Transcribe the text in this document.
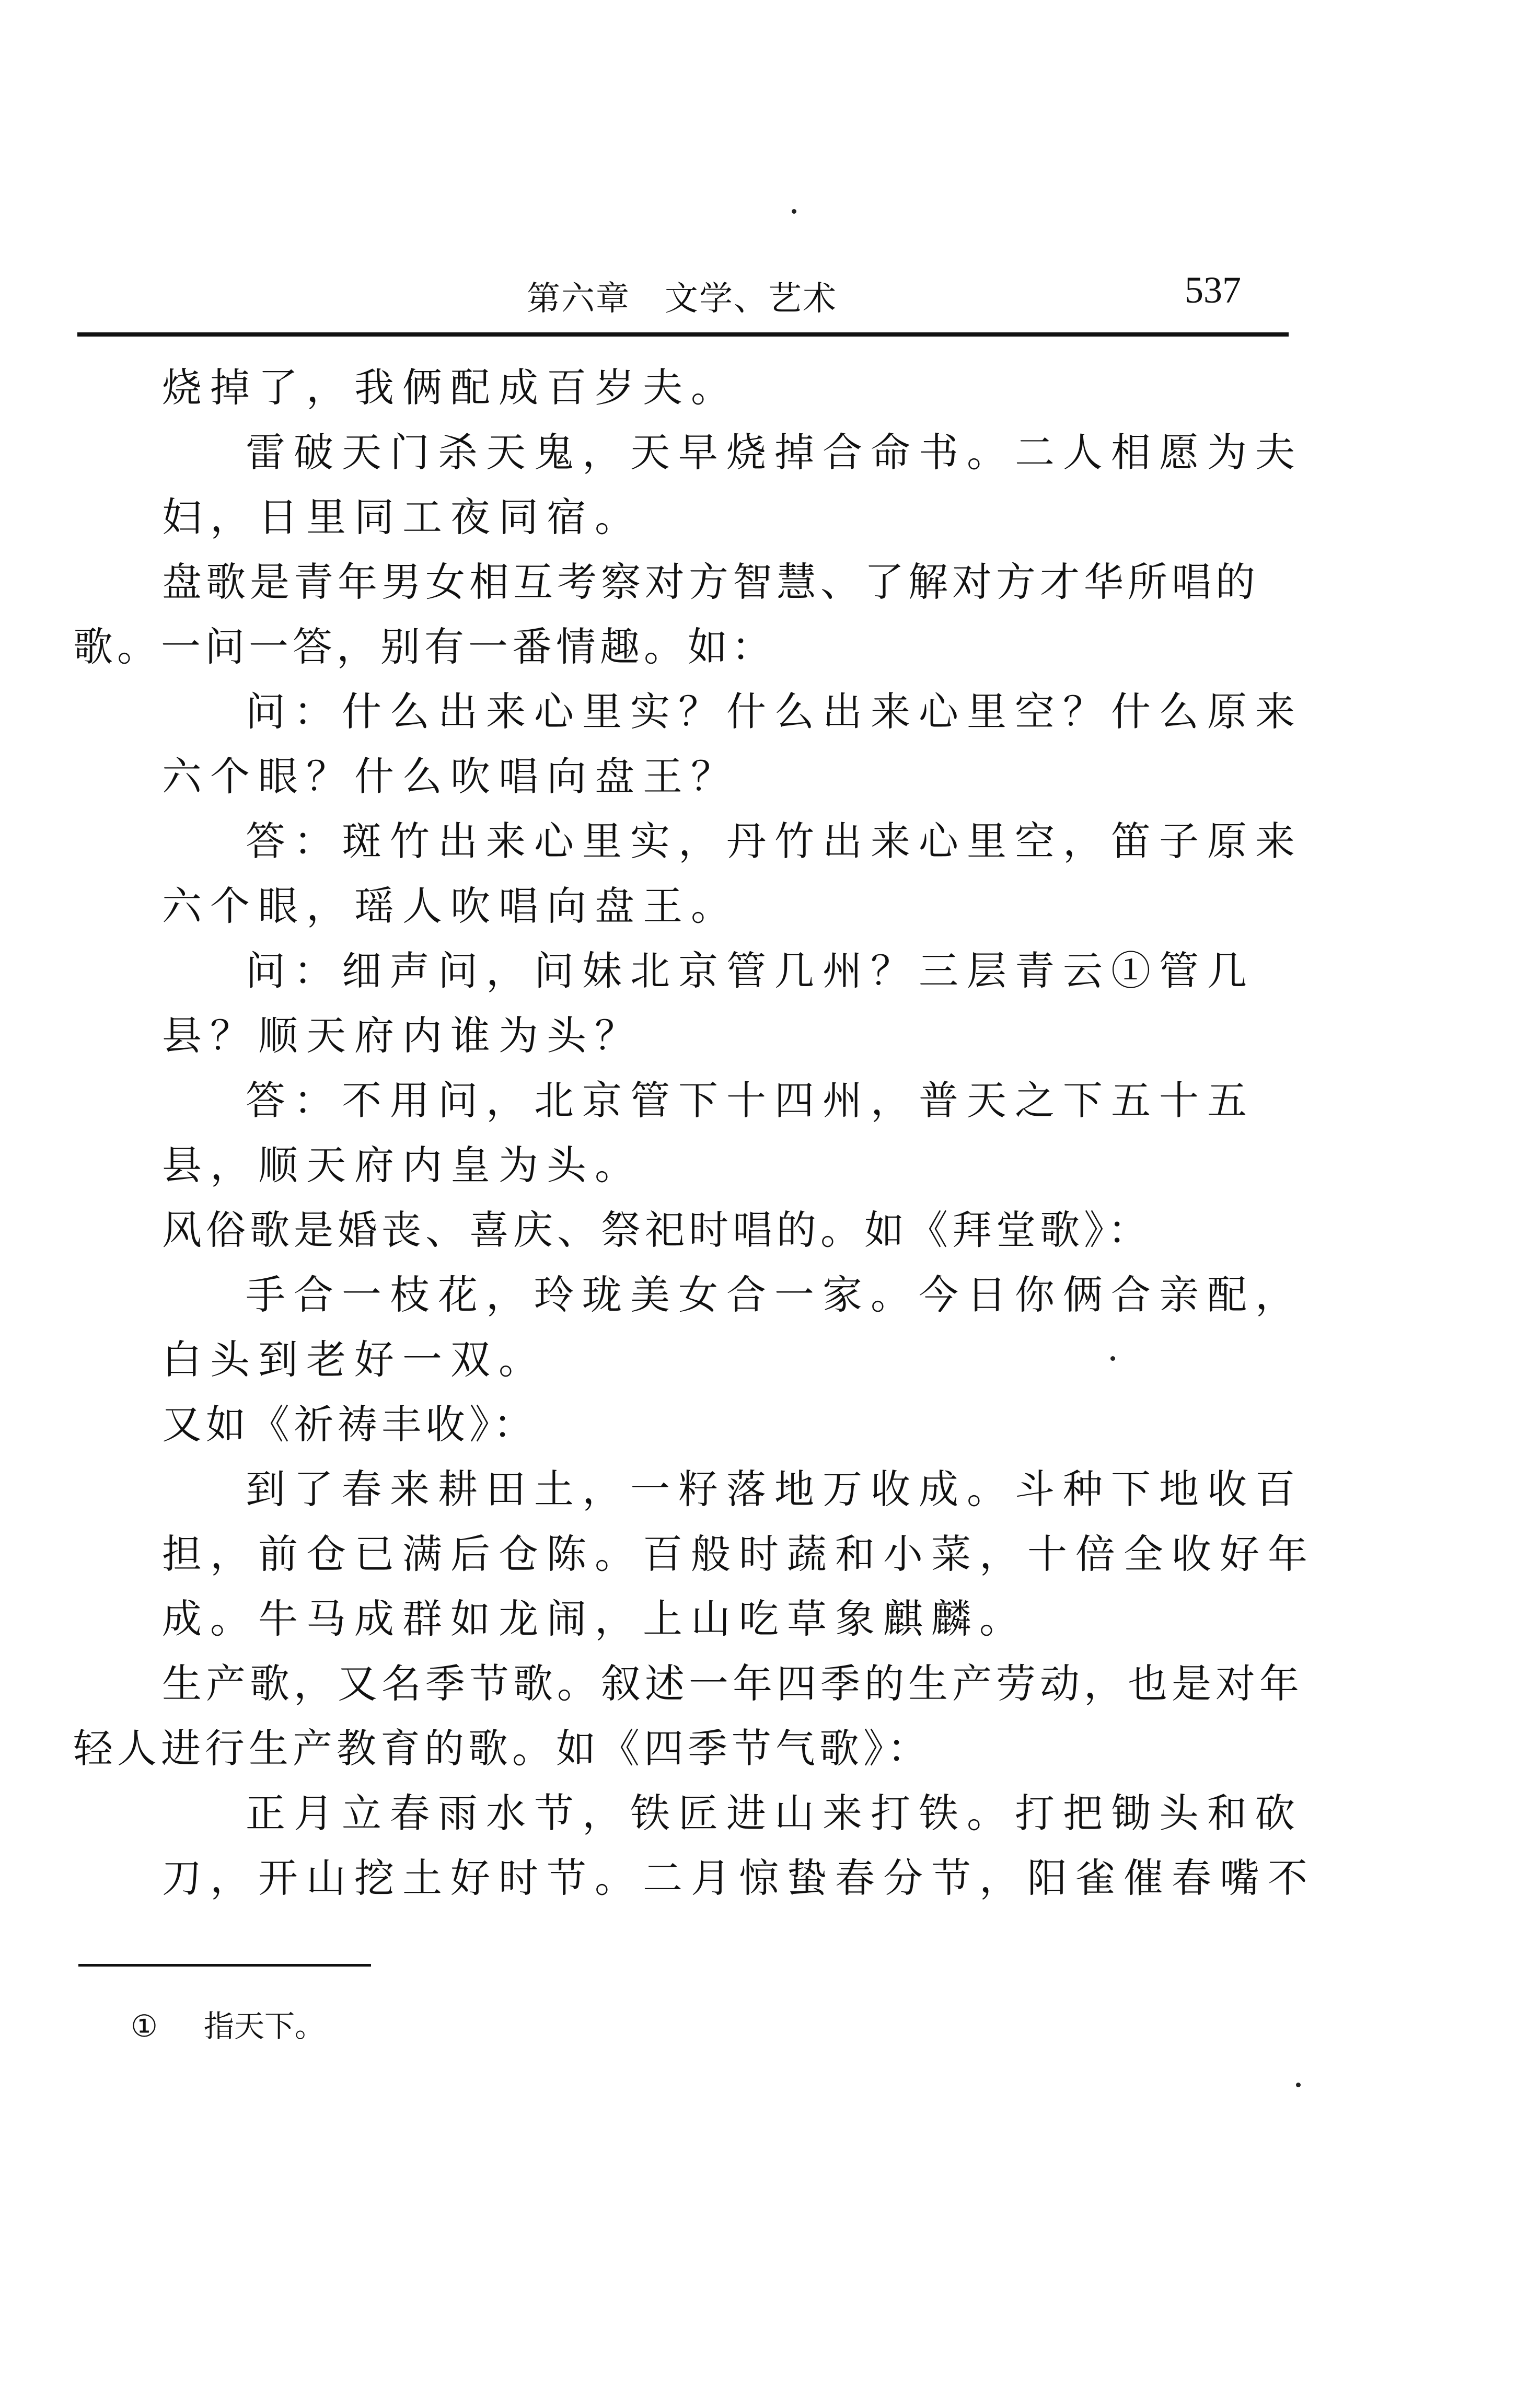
第六章　文学、艺术	537
烧掉了，我俩配成百岁夫。
雷破天门杀天鬼，天早烧掉合命书。二人相愿为夫
妇，日里同工夜同宿。
盘歌是青年男女相互考察对方智慧、了解对方才华所唱的
歌。一问一答，别有一番情趣。如：
问：什么出来心里实？什么出来心里空？什么原来
六个眼？什么吹唱向盘王？
答：斑竹出来心里实，丹竹出来心里空，笛子原来
六个眼，瑶人吹唱向盘王。
问：细声问，问妹北京管几州？三层青云①管几
县？顺天府内谁为头？
答：不用问，北京管下十四州，普天之下五十五
县，顺天府内皇为头。
风俗歌是婚丧、喜庆、祭祀时唱的。如《拜堂歌》：
手合一枝花，玲珑美女合一家。今日你俩合亲配，
白头到老好一双。
又如《祈祷丰收》：
到了春来耕田土，一籽落地万收成。斗种下地收百
担，前仓已满后仓陈。百般时蔬和小菜，十倍全收好年
成。牛马成群如龙闹，上山吃草象麒麟。
生产歌，又名季节歌。叙述一年四季的生产劳动，也是对年
轻人进行生产教育的歌。如《四季节气歌》：
正月立春雨水节，铁匠进山来打铁。打把锄头和砍
刀，开山挖土好时节。二月惊蛰春分节，阳雀催春嘴不
① 指天下。
